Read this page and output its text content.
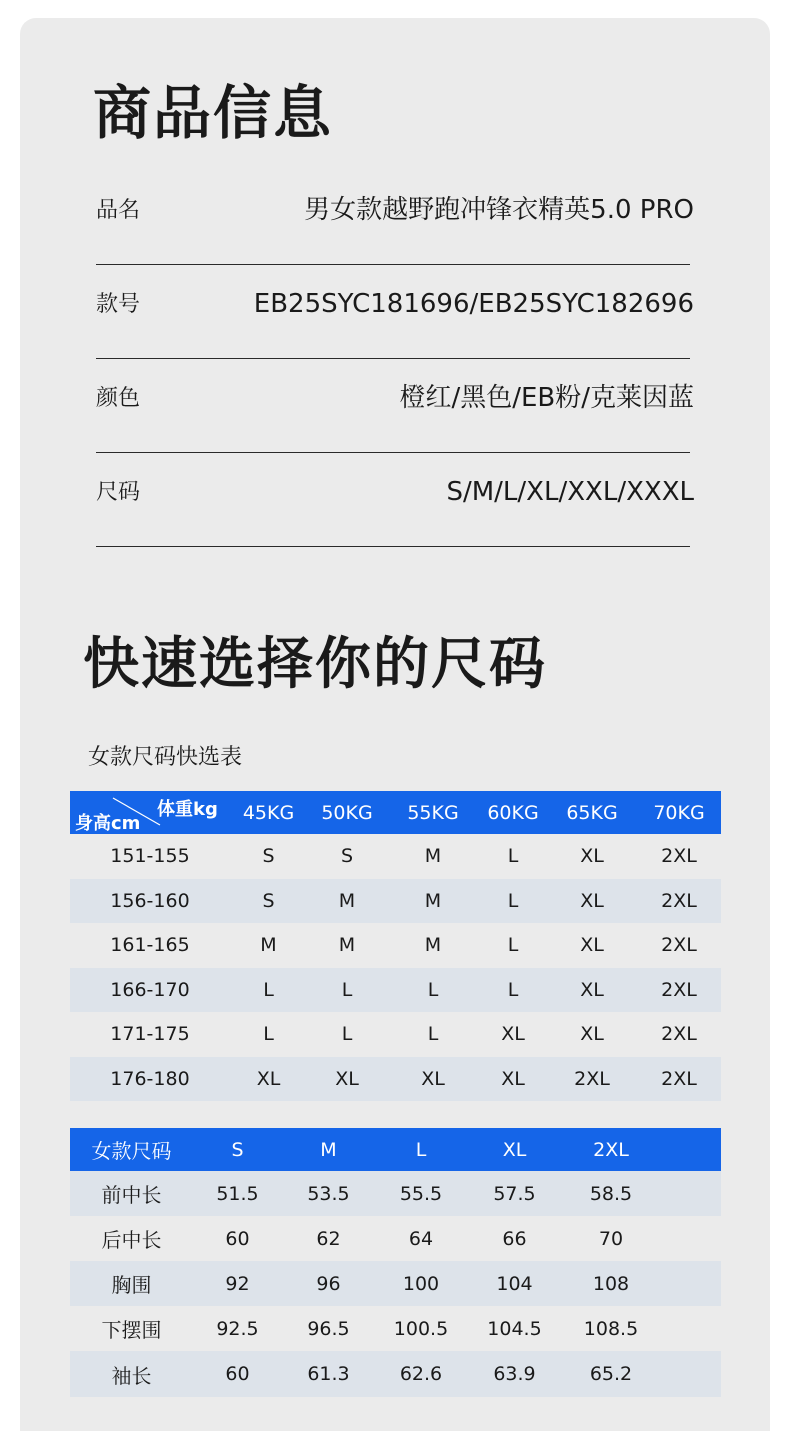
商品信息
品名	男女款越野跑冲锋衣精英5.0 PRO
款号	EB25SYC181696/EB25SYC182696
颜色	橙红/黑色/EB粉/克莱因蓝
尺码	S/M/L/XL/XXL/XXXL
快速选择你的尺码
女款尺码快选表
身高cm
体重kg	45KG	50KG	55KG	60KG	65KG	70KG
151-155	S	S	M	L	XL	2XL
156-160	S	M	M	L	XL	2XL
161-165	M	M	M	L	XL	2XL
166-170	L	L	L	L	XL	2XL
171-175	L	L	L	XL	XL	2XL
176-180	XL	XL	XL	XL	2XL	2XL
女款尺码	S	M	L	XL	2XL	
前中长	51.5	53.5	55.5	57.5	58.5	
后中长	60	62	64	66	70	
胸围	92	96	100	104	108	
下摆围	92.5	96.5	100.5	104.5	108.5	
袖长	60	61.3	62.6	63.9	65.2	
